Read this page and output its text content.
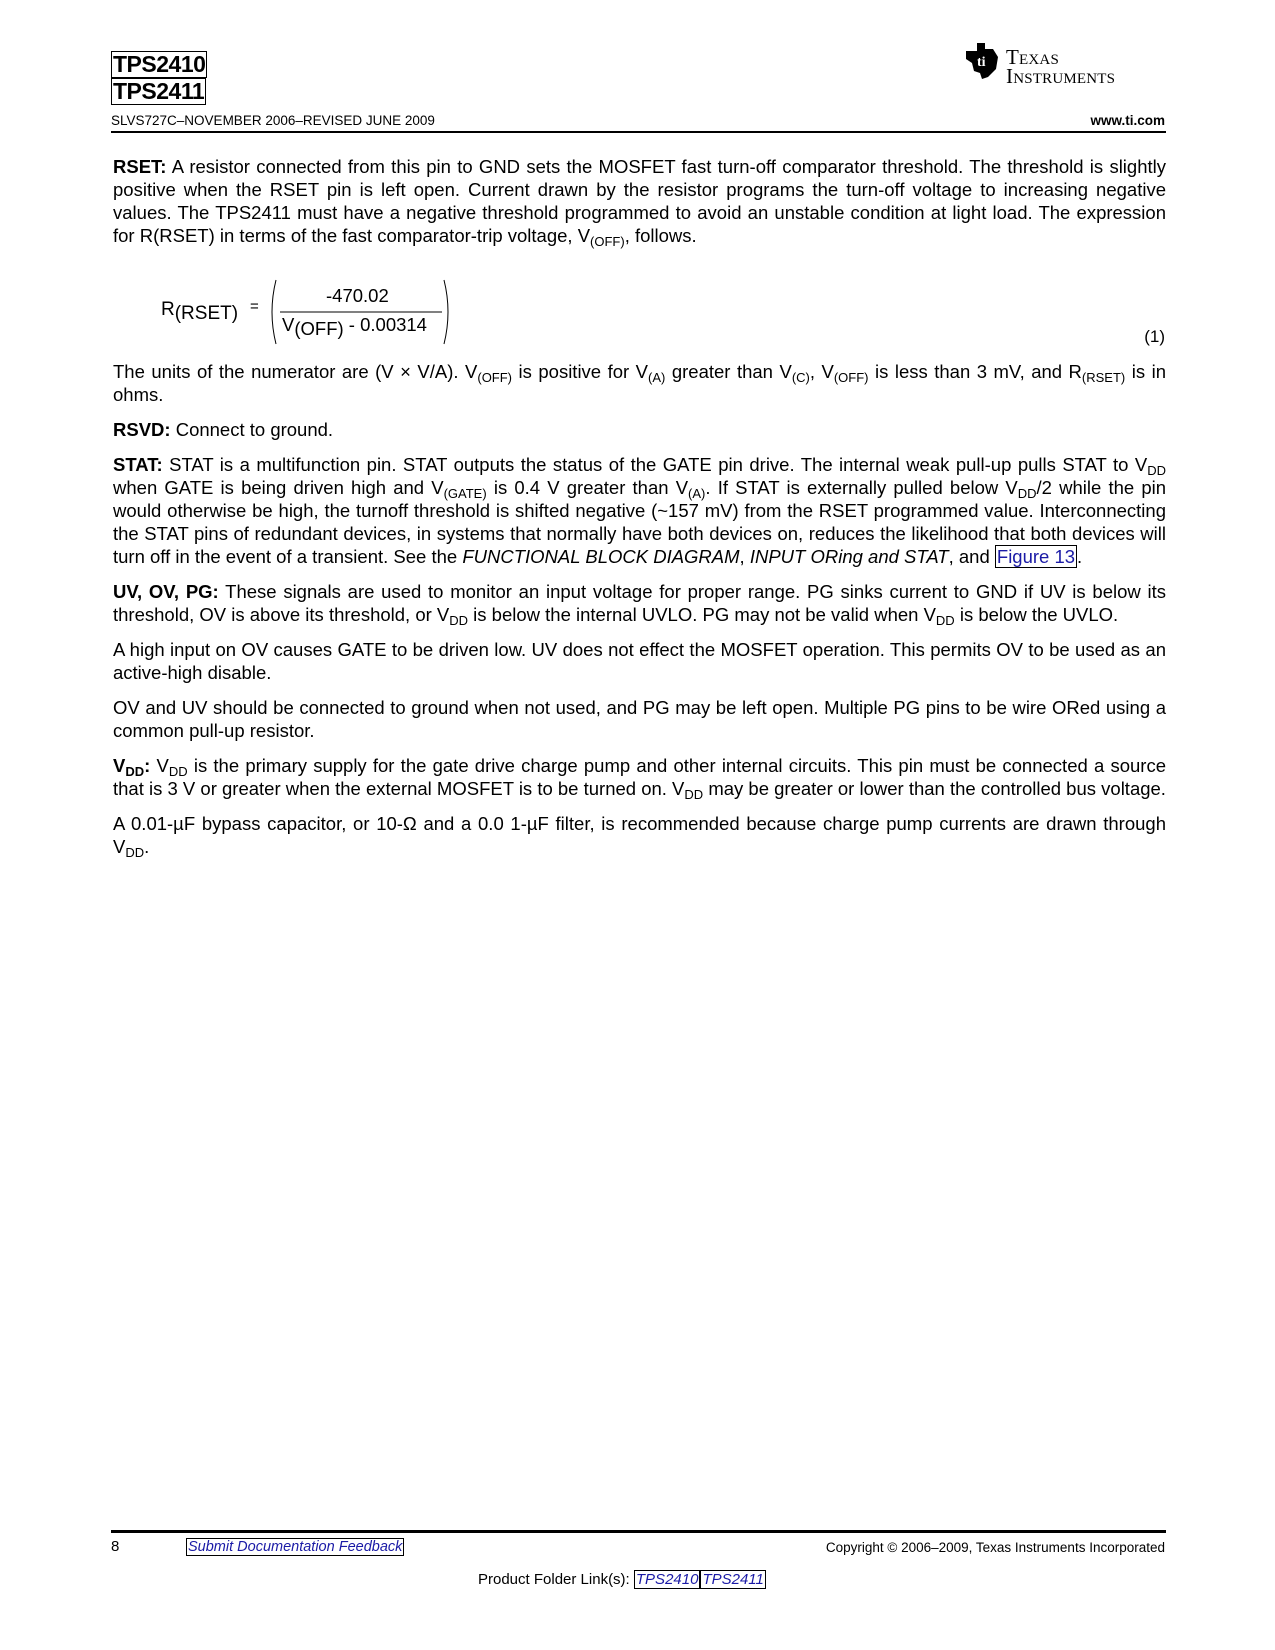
TPS2410
TPS2411
SLVS727C–NOVEMBER 2006–REVISED JUNE 2009	www.ti.com
ti Texas
Instruments

RSET: A resistor connected from this pin to GND sets the MOSFET fast turn-off comparator threshold. The threshold is slightly positive when the RSET pin is left open. Current drawn by the resistor programs the turn-off voltage to increasing negative values. The TPS2411 must have a negative threshold programmed to avoid an unstable condition at light load. The expression for R(RSET) in terms of the fast comparator-trip voltage, $V_{(OFF)}$, follows.

R(RSET) =
-470.02
V(OFF) - 0.00314
(1)

The units of the numerator are (V × V/A). $V_{(OFF)}$ is positive for $V_{(A)}$ greater than $V_{(C)}$, $V_{(OFF)}$ is less than 3 mV, and $R_{(RSET)}$ is in ohms.

RSVD: Connect to ground.

STAT: STAT is a multifunction pin. STAT outputs the status of the GATE pin drive. The internal weak pull-up pulls STAT to $V_{DD}$ when GATE is being driven high and $V_{(GATE)}$ is 0.4 V greater than $V_{(A)}$. If STAT is externally pulled below $V_{DD}/2$ while the pin would otherwise be high, the turnoff threshold is shifted negative (~157 mV) from the RSET programmed value. Interconnecting the STAT pins of redundant devices, in systems that normally have both devices on, reduces the likelihood that both devices will turn off in the event of a transient. See the FUNCTIONAL BLOCK DIAGRAM, INPUT ORing and STAT, and Figure 13 .

UV, OV, PG: These signals are used to monitor an input voltage for proper range. PG sinks current to GND if UV is below its threshold, OV is above its threshold, or $V_{DD}$ is below the internal UVLO. PG may not be valid when $V_{DD}$ is below the UVLO.

A high input on OV causes GATE to be driven low. UV does not effect the MOSFET operation. This permits OV to be used as an active-high disable.

OV and UV should be connected to ground when not used, and PG may be left open. Multiple PG pins to be wire ORed using a common pull-up resistor.

$V_{DD}$: $V_{DD}$ is the primary supply for the gate drive charge pump and other internal circuits. This pin must be connected a source that is 3 V or greater when the external MOSFET is to be turned on. $V_{DD}$ may be greater or lower than the controlled bus voltage.

A 0.01-µF bypass capacitor, or 10-Ω and a 0.0 1-µF filter, is recommended because charge pump currents are drawn through $V_{DD}$.

8	Submit Documentation Feedback	Copyright © 2006–2009, Texas Instruments Incorporated
Product Folder Link(s): TPS2410 TPS2411
